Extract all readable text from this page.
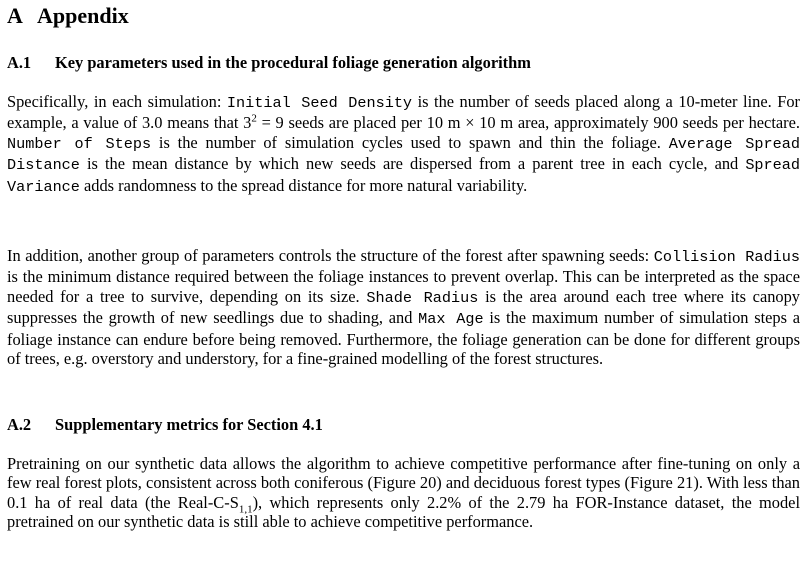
A Appendix
A.1 Key parameters used in the procedural foliage generation algorithm

Specifically, in each simulation: Initial Seed Density is the number of seeds placed along a 10-meter line. For example, a value of 3.0 means that $3^2 = 9$ seeds are placed per 10 m × 10 m area, approximately 900 seeds per hectare. Number of Steps is the number of simulation cycles used to spawn and thin the foliage. Average Spread Distance is the mean distance by which new seeds are dispersed from a parent tree in each cycle, and Spread Variance adds randomness to the spread distance for more natural variability.

In addition, another group of parameters controls the structure of the forest after spawning seeds: Collision Radius is the minimum distance required between the foliage instances to prevent overlap. This can be interpreted as the space needed for a tree to survive, depending on its size. Shade Radius is the area around each tree where its canopy suppresses the growth of new seedlings due to shading, and Max Age is the maximum number of simulation steps a foliage instance can endure before being removed. Furthermore, the foliage generation can be done for different groups of trees, e.g. overstory and understory, for a fine-grained modelling of the forest structures.

A.2 Supplementary metrics for Section 4.1

Pretraining on our synthetic data allows the algorithm to achieve competitive performance after fine-tuning on only a few real forest plots, consistent across both coniferous (Figure 20) and deciduous forest types (Figure 21). With less than 0.1 ha of real data (the Real-$C-S_{1,1}$), which represents only 2.2% of the 2.79 ha FOR-Instance dataset, the model pretrained on our synthetic data is still able to achieve competitive performance.
